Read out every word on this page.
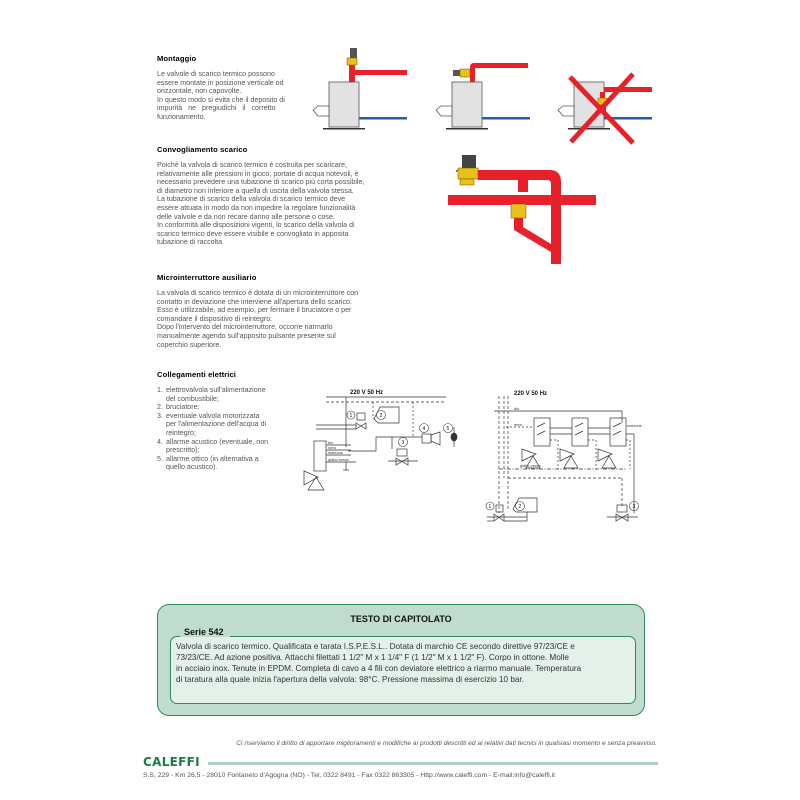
Montaggio
Le valvole di scarico termico possono
essere montate in posizione verticale od
orizzontale, non capovolte.
In questo modo si evita che il deposito di
impurità ne pregiudichi il corretto
funzionamento.
Convogliamento scarico
Poichè la valvola di scarico termico è costruita per scaricare,
relativamente alle pressioni in gioco, portate di acqua notevoli, è
necessario prevedere una tubazione di scarico più corta possibile,
di diametro non inferiore a quella di uscita della valvola stessa.
La tubazione di scarico della valvola di scarico termico deve
essere attuata in modo da non impedire la regolare funzionalità
delle valvole e da non recare danno alle persone o cose.
In conformità alle disposizioni vigenti, lo scarico della valvola di
scarico termico deve essere visibile e convogliato in apposita
tubazione di raccolta.
Microinterruttore ausiliario
La valvola di scarico termico è dotata di un microinterruttore con
contatto in deviazione che interviene all'apertura dello scarico.
Esso è utilizzabile, ad esempio, per fermare il bruciatore o per
comandare il dispositivo di reintegro.
Dopo l'intervento del microinterruttore, occorre riarmarlo
manualmente agendo sull'apposito pulsante presente sul
coperchio superiore.
Collegamenti elettrici
1. elettrovalvola sull'alimentazione
del combustibile;
2. bruciatore;
3. eventuale valvola motorizzata
per l'alimentazione dell'acqua di
reintegro;
4. allarme acustico (eventuale, non
prescritto);
5. allarme ottico (in alternativa a
quello acustico).
220 V 50 Hz
1	2
3
4	5
blu
nero
marrone
giallo-verde
220 V 50 Hz
blu
nero	marrone
giallo-verde
1	2	3
TESTO DI CAPITOLATO
Serie 542
Valvola di scarico termico. Qualificata e tarata I.S.P.E.S.L.. Dotata di marchio CE secondo direttive 97/23/CE e
73/23/CE. Ad azione positiva. Attacchi filettati 1 1/2" M x 1 1/4" F (1 1/2" M x 1 1/2" F). Corpo in ottone. Molle
in acciaio inox. Tenute in EPDM. Completa di cavo a 4 fili con deviatore elettrico a riarmo manuale. Temperatura
di taratura alla quale inizia l'apertura della valvola: 98°C. Pressione massima di esercizio 10 bar.
Ci riserviamo il diritto di apportare miglioramenti e modifiche ai prodotti descritti ed ai relativi dati tecnici in qualsiasi momento e senza preavviso.
CALEFFI
S.S. 229 - Km 26,5 - 28010 Fontaneto d'Agogna (NO) - Tel. 0322 8491 - Fax 0322 863305 - Http://www.caleffi.com - E-mail:info@caleffi.it
